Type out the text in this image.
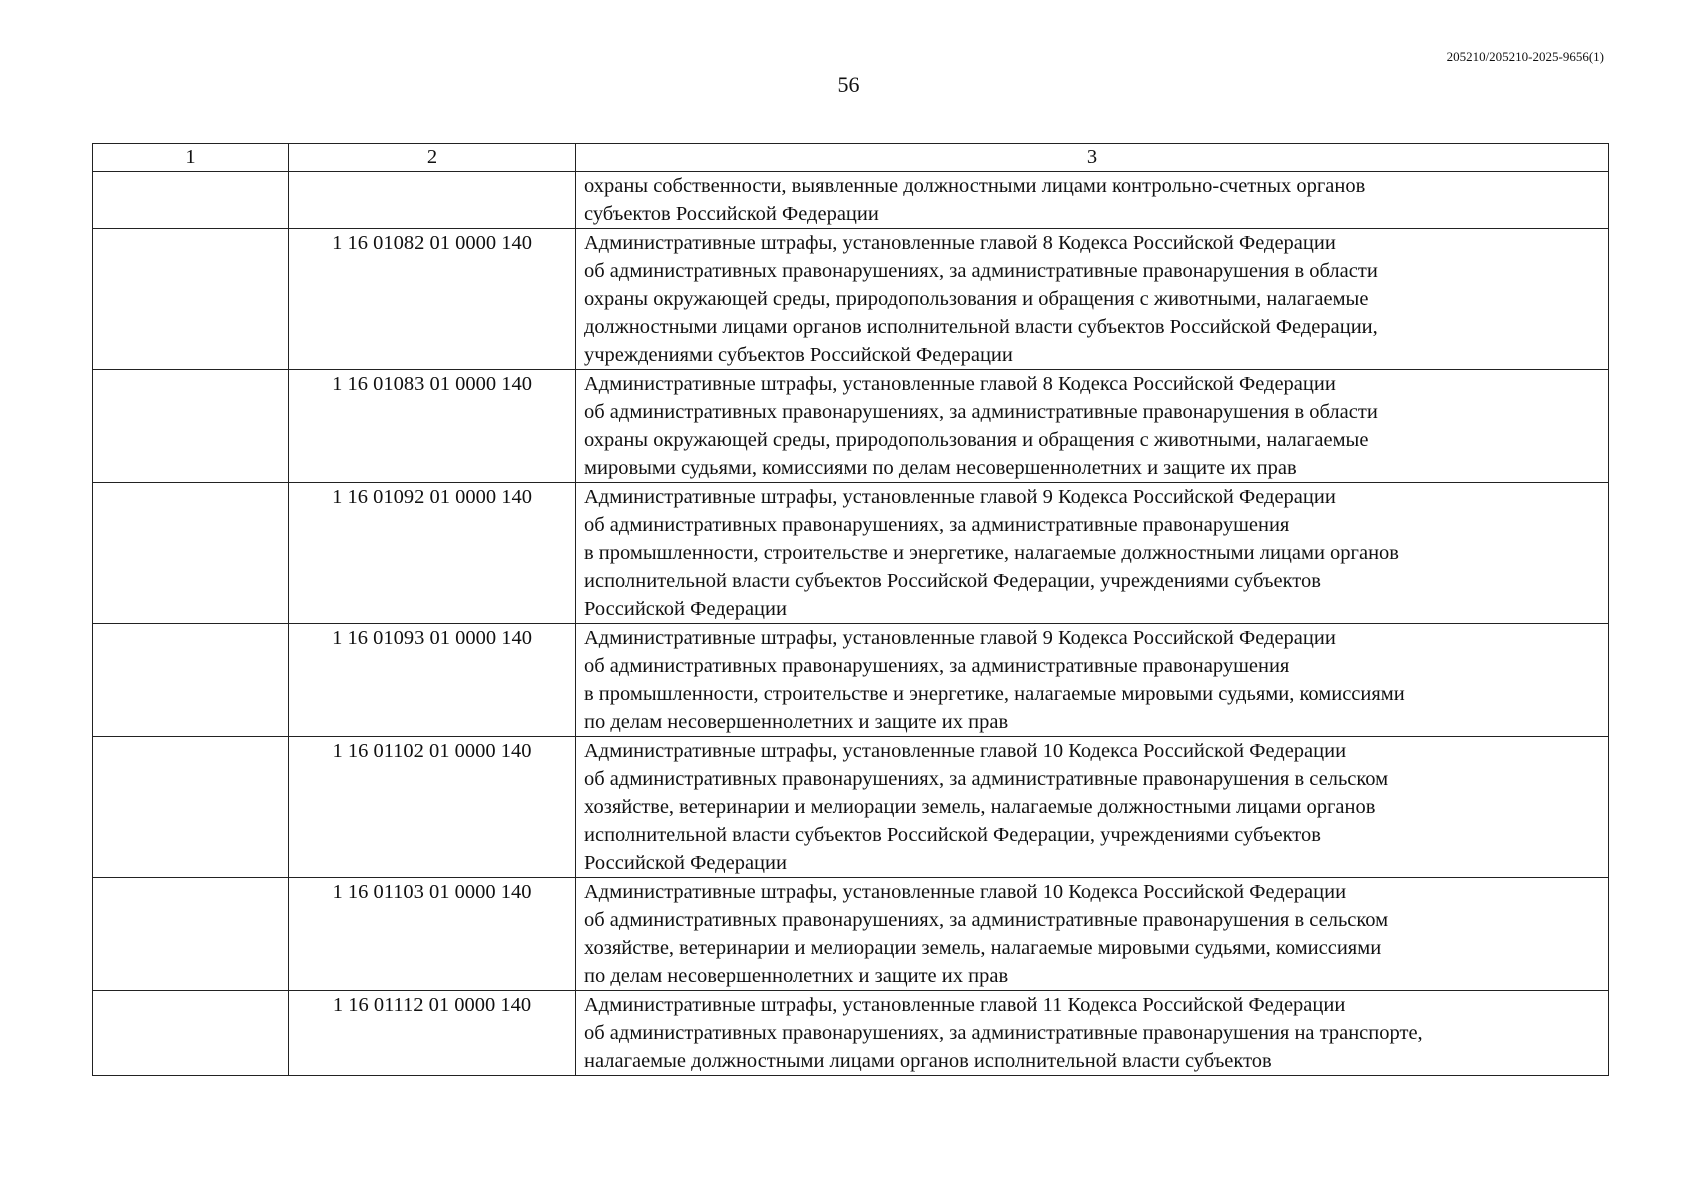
205210/205210-2025-9656(1)
56
1	2	3

		охраны собственности, выявленные должностными лицами контрольно-счетных органов
субъектов Российской Федерации

	1 16 01082 01 0000 140	Административные штрафы, установленные главой 8 Кодекса Российской Федерации
об административных правонарушениях, за административные правонарушения в области
охраны окружающей среды, природопользования и обращения с животными, налагаемые
должностными лицами органов исполнительной власти субъектов Российской Федерации,
учреждениями субъектов Российской Федерации

	1 16 01083 01 0000 140	Административные штрафы, установленные главой 8 Кодекса Российской Федерации
об административных правонарушениях, за административные правонарушения в области
охраны окружающей среды, природопользования и обращения с животными, налагаемые
мировыми судьями, комиссиями по делам несовершеннолетних и защите их прав

	1 16 01092 01 0000 140	Административные штрафы, установленные главой 9 Кодекса Российской Федерации
об административных правонарушениях, за административные правонарушения
в промышленности, строительстве и энергетике, налагаемые должностными лицами органов
исполнительной власти субъектов Российской Федерации, учреждениями субъектов
Российской Федерации

	1 16 01093 01 0000 140	Административные штрафы, установленные главой 9 Кодекса Российской Федерации
об административных правонарушениях, за административные правонарушения
в промышленности, строительстве и энергетике, налагаемые мировыми судьями, комиссиями
по делам несовершеннолетних и защите их прав

	1 16 01102 01 0000 140	Административные штрафы, установленные главой 10 Кодекса Российской Федерации
об административных правонарушениях, за административные правонарушения в сельском
хозяйстве, ветеринарии и мелиорации земель, налагаемые должностными лицами органов
исполнительной власти субъектов Российской Федерации, учреждениями субъектов
Российской Федерации

	1 16 01103 01 0000 140	Административные штрафы, установленные главой 10 Кодекса Российской Федерации
об административных правонарушениях, за административные правонарушения в сельском
хозяйстве, ветеринарии и мелиорации земель, налагаемые мировыми судьями, комиссиями
по делам несовершеннолетних и защите их прав

	1 16 01112 01 0000 140	Административные штрафы, установленные главой 11 Кодекса Российской Федерации
об административных правонарушениях, за административные правонарушения на транспорте,
налагаемые должностными лицами органов исполнительной власти субъектов
